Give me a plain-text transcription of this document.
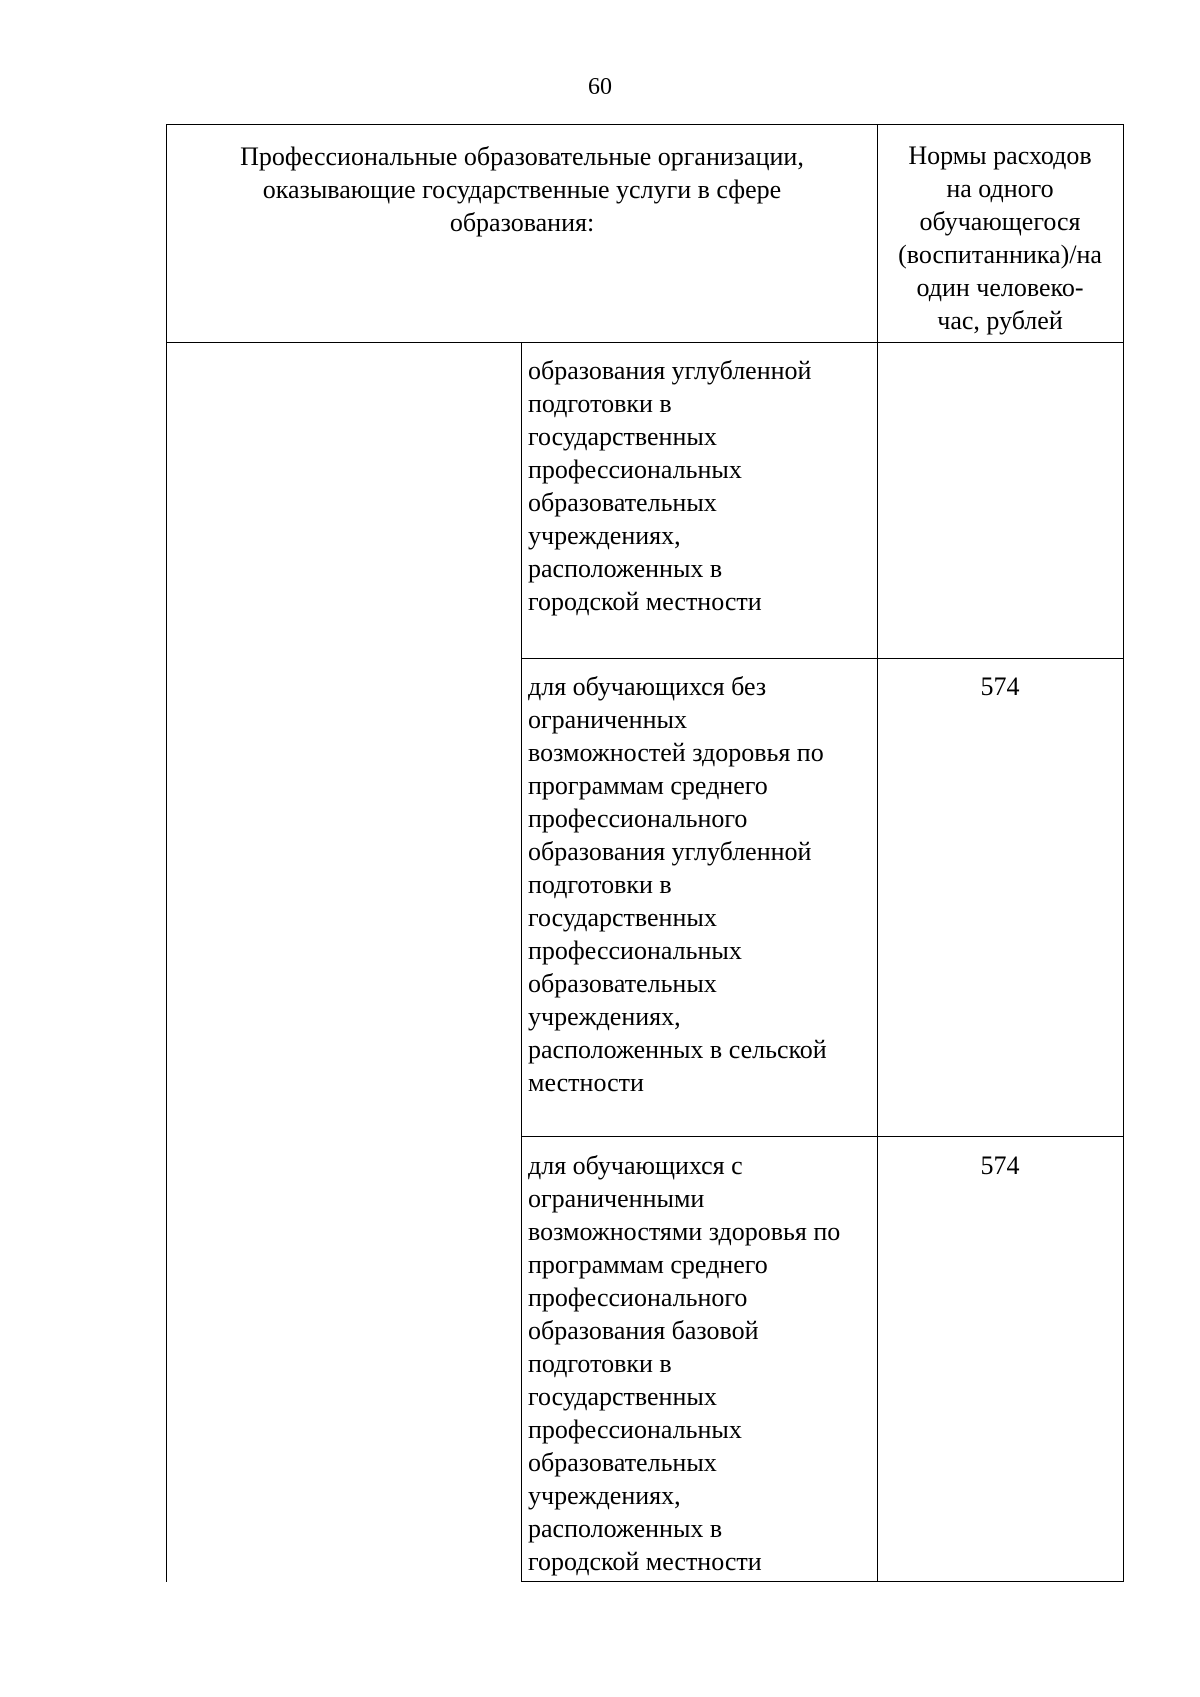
60
Профессиональные образовательные организации,
оказывающие государственные услуги в сфере
образования:
Нормы расходов
на одного
обучающегося
(воспитанника)/на
один человеко-
час, рублей
образования углубленной
подготовки в
государственных
профессиональных
образовательных
учреждениях,
расположенных в
городской местности
для обучающихся без
ограниченных
возможностей здоровья по
программам среднего
профессионального
образования углубленной
подготовки в
государственных
профессиональных
образовательных
учреждениях,
расположенных в сельской
местности
574
для обучающихся с
ограниченными
возможностями здоровья по
программам среднего
профессионального
образования базовой
подготовки в
государственных
профессиональных
образовательных
учреждениях,
расположенных в
городской местности
574
